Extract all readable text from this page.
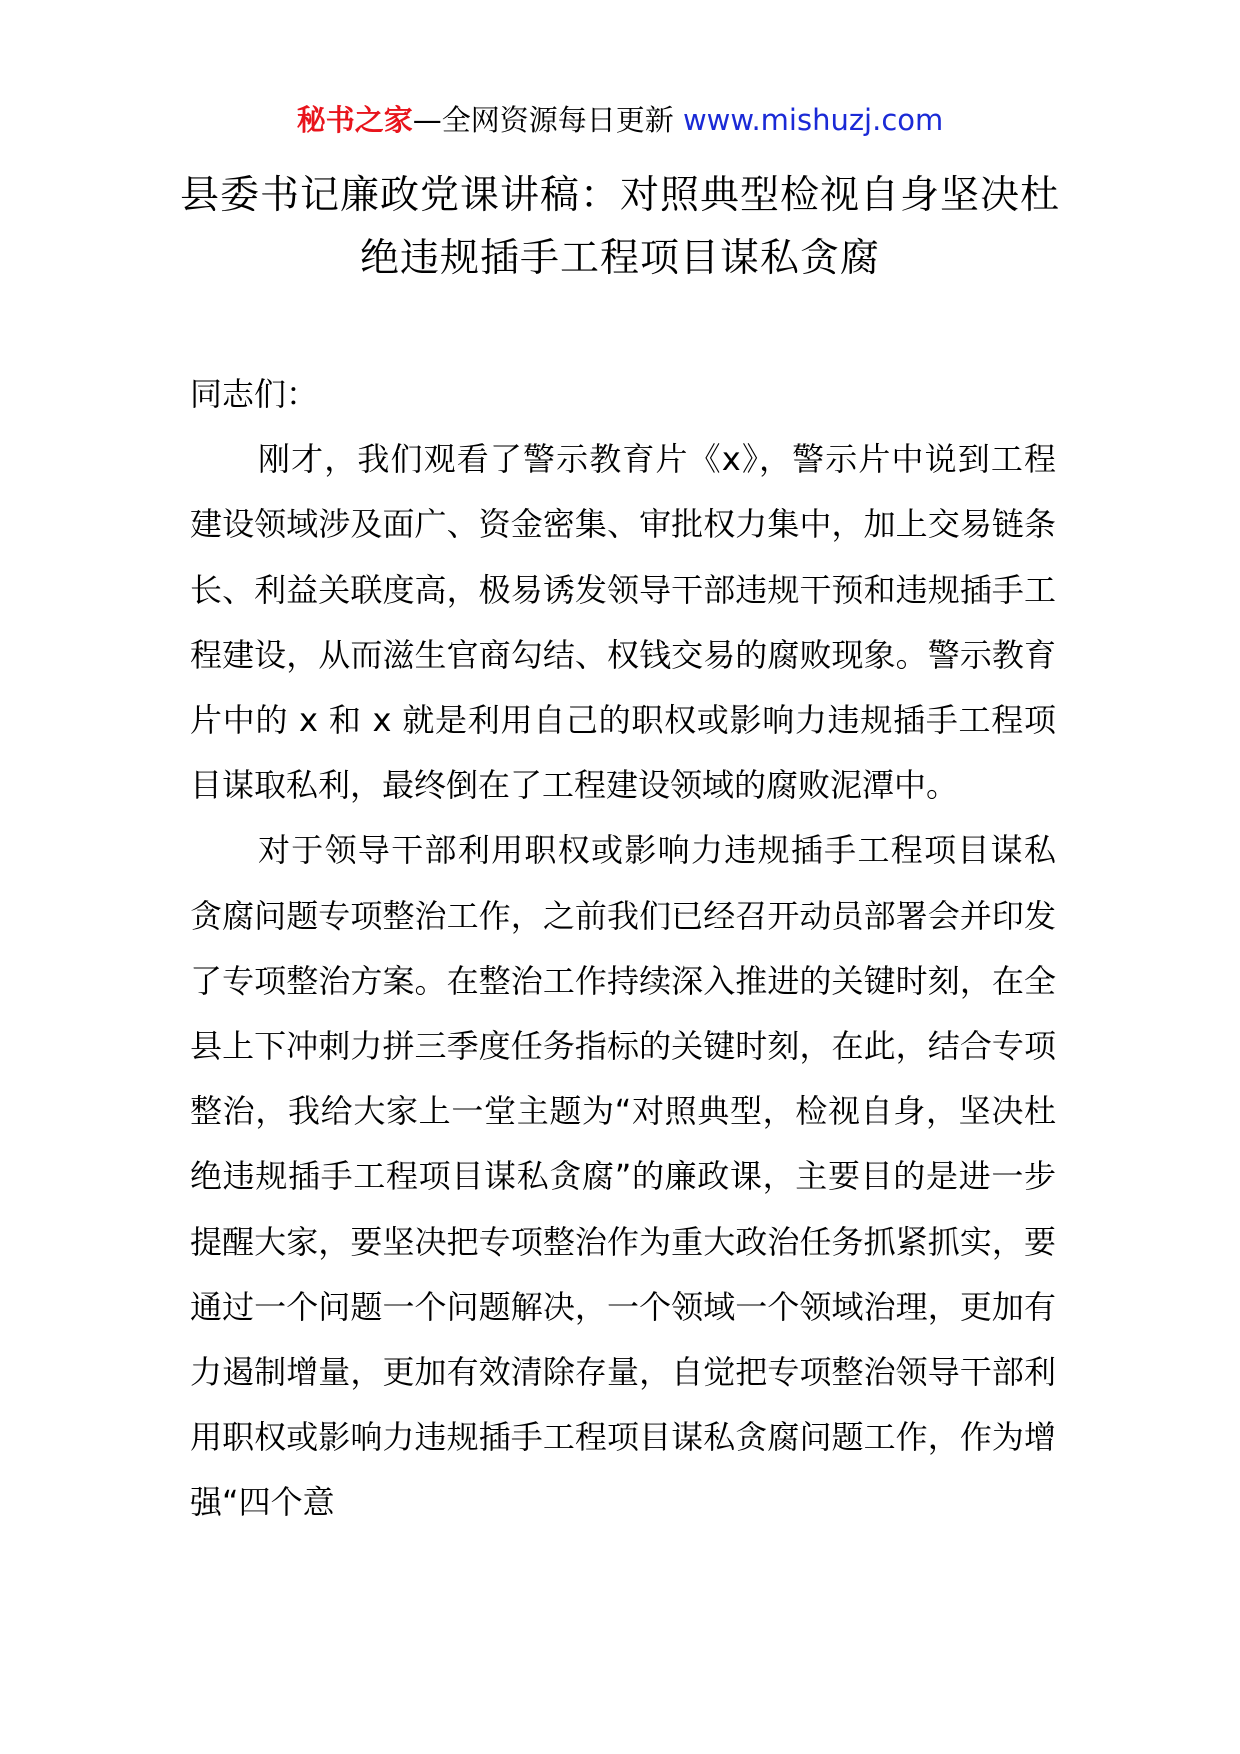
秘书之家—全网资源每日更新 www.mishuzj.com
县委书记廉政党课讲稿：对照典型检视自身坚决杜绝违规插手工程项目谋私贪腐

同志们：

刚才，我们观看了警示教育片《x》，警示片中说到工程建设领域涉及面广、资金密集、审批权力集中，加上交易链条长、利益关联度高，极易诱发领导干部违规干预和违规插手工程建设，从而滋生官商勾结、权钱交易的腐败现象。警示教育片中的 x 和 x 就是利用自己的职权或影响力违规插手工程项目谋取私利，最终倒在了工程建设领域的腐败泥潭中。

对于领导干部利用职权或影响力违规插手工程项目谋私贪腐问题专项整治工作，之前我们已经召开动员部署会并印发了专项整治方案。在整治工作持续深入推进的关键时刻，在全县上下冲刺力拼三季度任务指标的关键时刻，在此，结合专项整治，我给大家上一堂主题为“对照典型，检视自身，坚决杜绝违规插手工程项目谋私贪腐”的廉政课，主要目的是进一步提醒大家，要坚决把专项整治作为重大政治任务抓紧抓实，要通过一个问题一个问题解决，一个领域一个领域治理，更加有力遏制增量，更加有效清除存量，自觉把专项整治领导干部利用职权或影响力违规插手工程项目谋私贪腐问题工作，作为增强“四个意
